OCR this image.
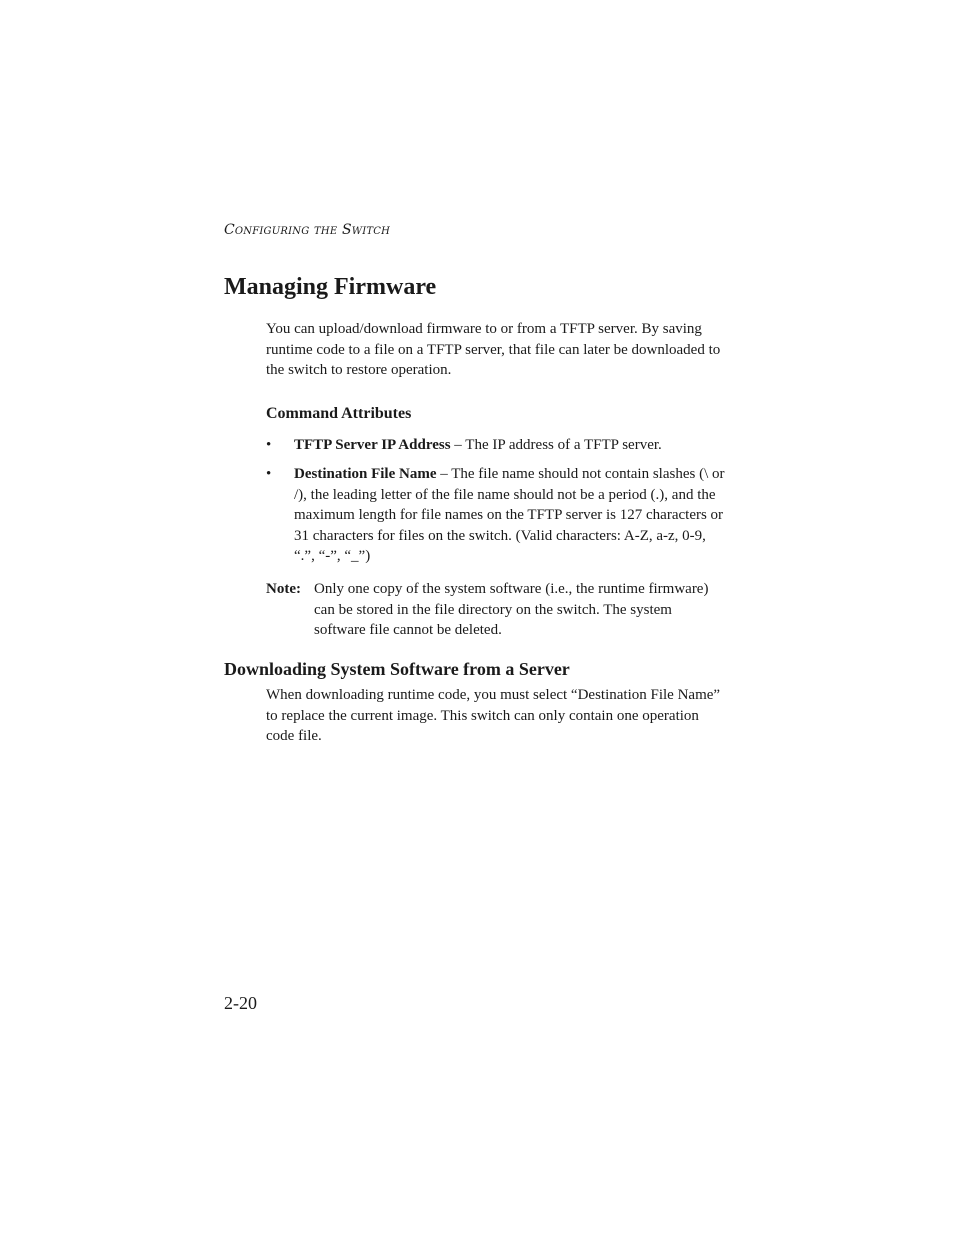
Configuring the Switch
Managing Firmware

You can upload/download firmware to or from a TFTP server. By saving runtime code to a file on a TFTP server, that file can later be downloaded to the switch to restore operation.

Command Attributes
• TFTP Server IP Address – The IP address of a TFTP server.
• Destination File Name – The file name should not contain slashes (\ or /), the leading letter of the file name should not be a period (.), and the maximum length for file names on the TFTP server is 127 characters or 31 characters for files on the switch. (Valid characters: A-Z, a-z, 0-9, “.”, “-”, “_”)
Note: Only one copy of the system software (i.e., the runtime firmware) can be stored in the file directory on the switch. The system software file cannot be deleted.
Downloading System Software from a Server

When downloading runtime code, you must select “Destination File Name” to replace the current image. This switch can only contain one operation code file.

2-20
